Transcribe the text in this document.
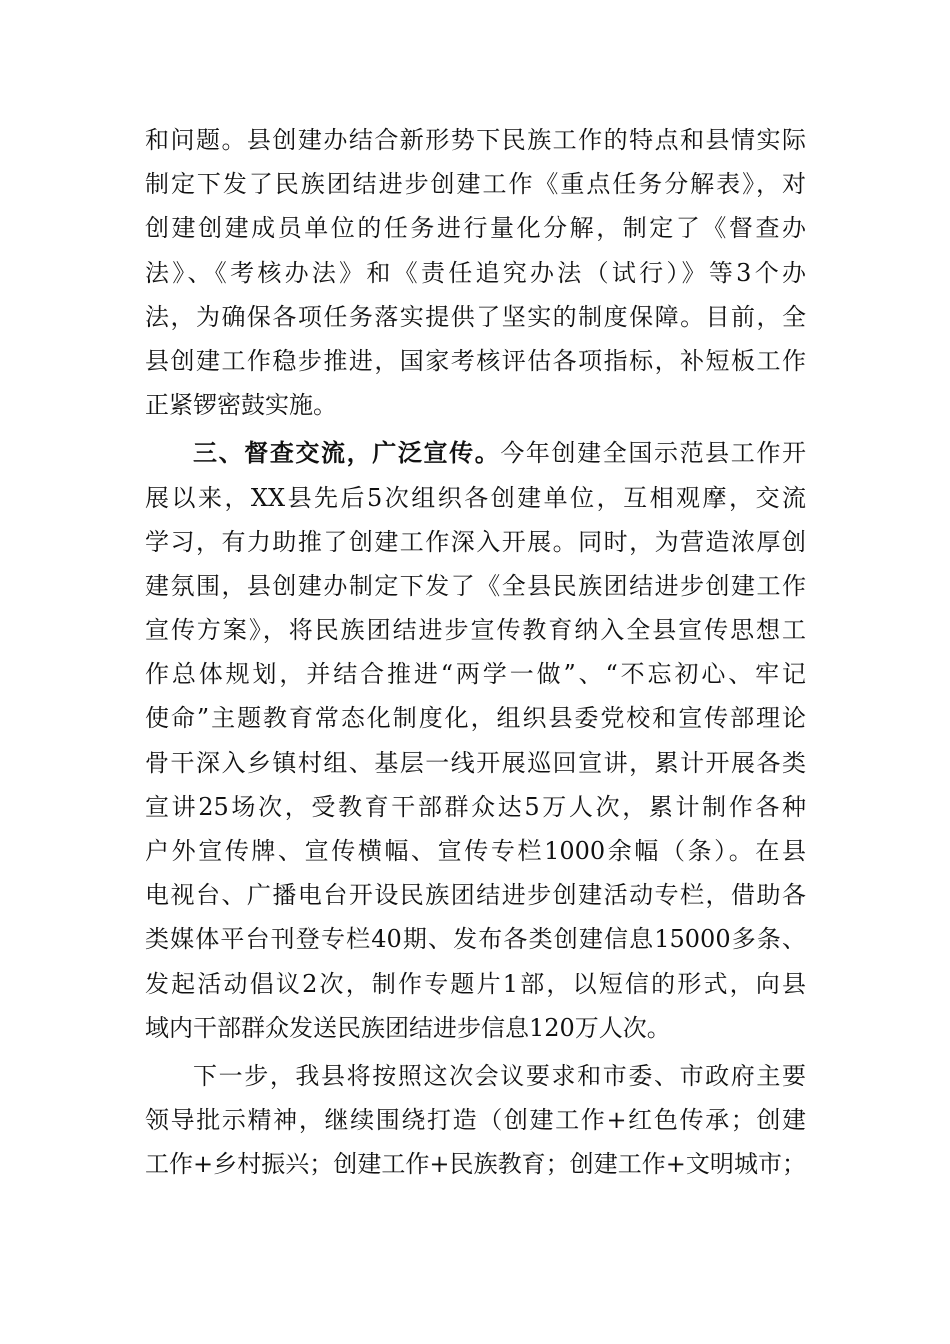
和问题。县创建办结合新形势下民族工作的特点和县情实际
制定下发了民族团结进步创建工作《重点任务分解表》，对
创建创建成员单位的任务进行量化分解，制定了《督查办
法》、《考核办法》和《责任追究办法（试行）》等3个办
法，为确保各项任务落实提供了坚实的制度保障。目前，全
县创建工作稳步推进，国家考核评估各项指标，补短板工作
正紧锣密鼓实施。
三、督查交流，广泛宣传。今年创建全国示范县工作开
展以来，XX县先后5次组织各创建单位，互相观摩，交流
学习，有力助推了创建工作深入开展。同时，为营造浓厚创
建氛围，县创建办制定下发了《全县民族团结进步创建工作
宣传方案》，将民族团结进步宣传教育纳入全县宣传思想工
作总体规划，并结合推进“两学一做”、“不忘初心、牢记
使命”主题教育常态化制度化，组织县委党校和宣传部理论
骨干深入乡镇村组、基层一线开展巡回宣讲，累计开展各类
宣讲25场次，受教育干部群众达5万人次，累计制作各种
户外宣传牌、宣传横幅、宣传专栏1000余幅（条）。在县
电视台、广播电台开设民族团结进步创建活动专栏，借助各
类媒体平台刊登专栏40期、发布各类创建信息15000多条、
发起活动倡议2次，制作专题片1部，以短信的形式，向县
域内干部群众发送民族团结进步信息120万人次。
下一步，我县将按照这次会议要求和市委、市政府主要
领导批示精神，继续围绕打造（创建工作+红色传承；创建
工作+乡村振兴；创建工作+民族教育；创建工作+文明城市；
